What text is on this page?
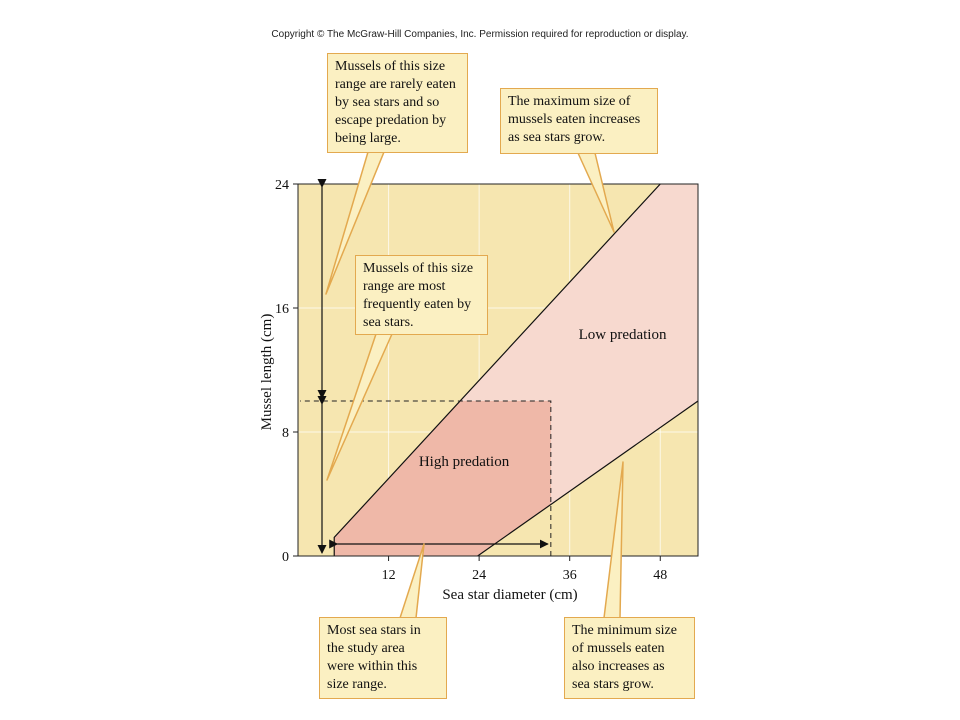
Copyright © The McGraw-Hill Companies, Inc. Permission required for reproduction or display.
12	24	36	48
0
8
16
24
Sea star diameter (cm)
Mussel length (cm)	Low predation
High predation
Mussels of this size
range are rarely eaten
by sea stars and so
escape predation by
being large.
The maximum size of
mussels eaten increases
as sea stars grow.
Mussels of this size
range are most
frequently eaten by
sea stars.
Most sea stars in
the study area
were within this
size range.
The minimum size
of mussels eaten
also increases as
sea stars grow.
